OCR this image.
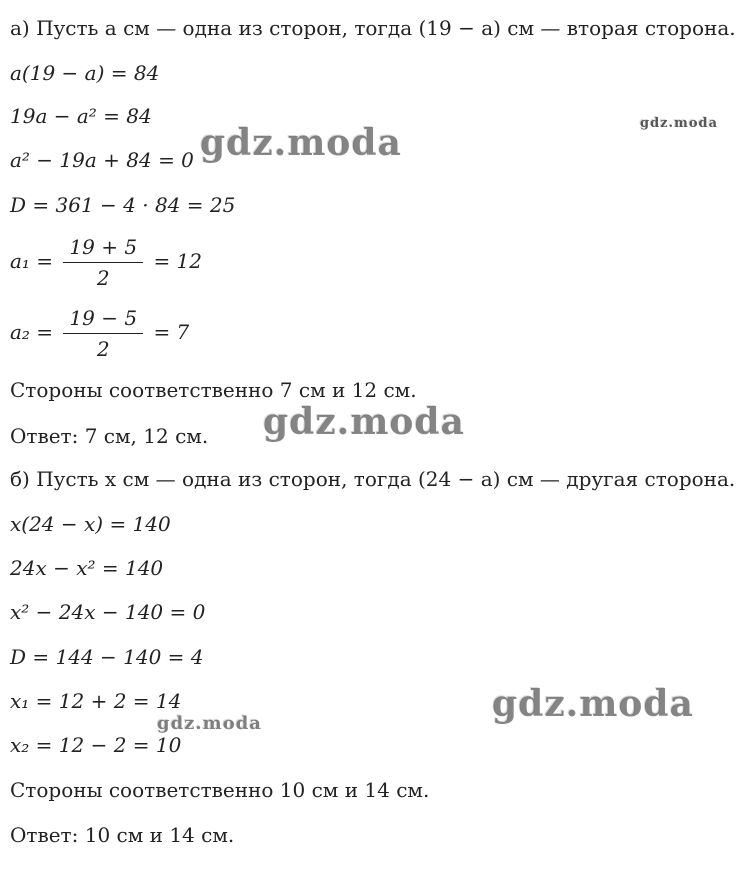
а) Пусть a см — одна из сторон, тогда (19 − a) см — вторая сторона.
a(19 − a) = 84
19a − a² = 84
a² − 19a + 84 = 0
D = 361 − 4 · 84 = 25
$a_1 = \frac{19 + 5}{2} = 12$
$a_2 = \frac{19 - 5}{2} = 7$
Стороны соответственно 7 см и 12 см.
Ответ: 7 см, 12 см.
б) Пусть x см — одна из сторон, тогда (24 − a) см — другая сторона.
x(24 − x) = 140
24x − x² = 140
x² − 24x − 140 = 0
D = 144 − 140 = 4
x₁ = 12 + 2 = 14
x₂ = 12 − 2 = 10
Стороны соответственно 10 см и 14 см.
Ответ: 10 см и 14 см.
gdz.moda	gdz.moda
gdz.moda
gdz.moda
gdz.moda
